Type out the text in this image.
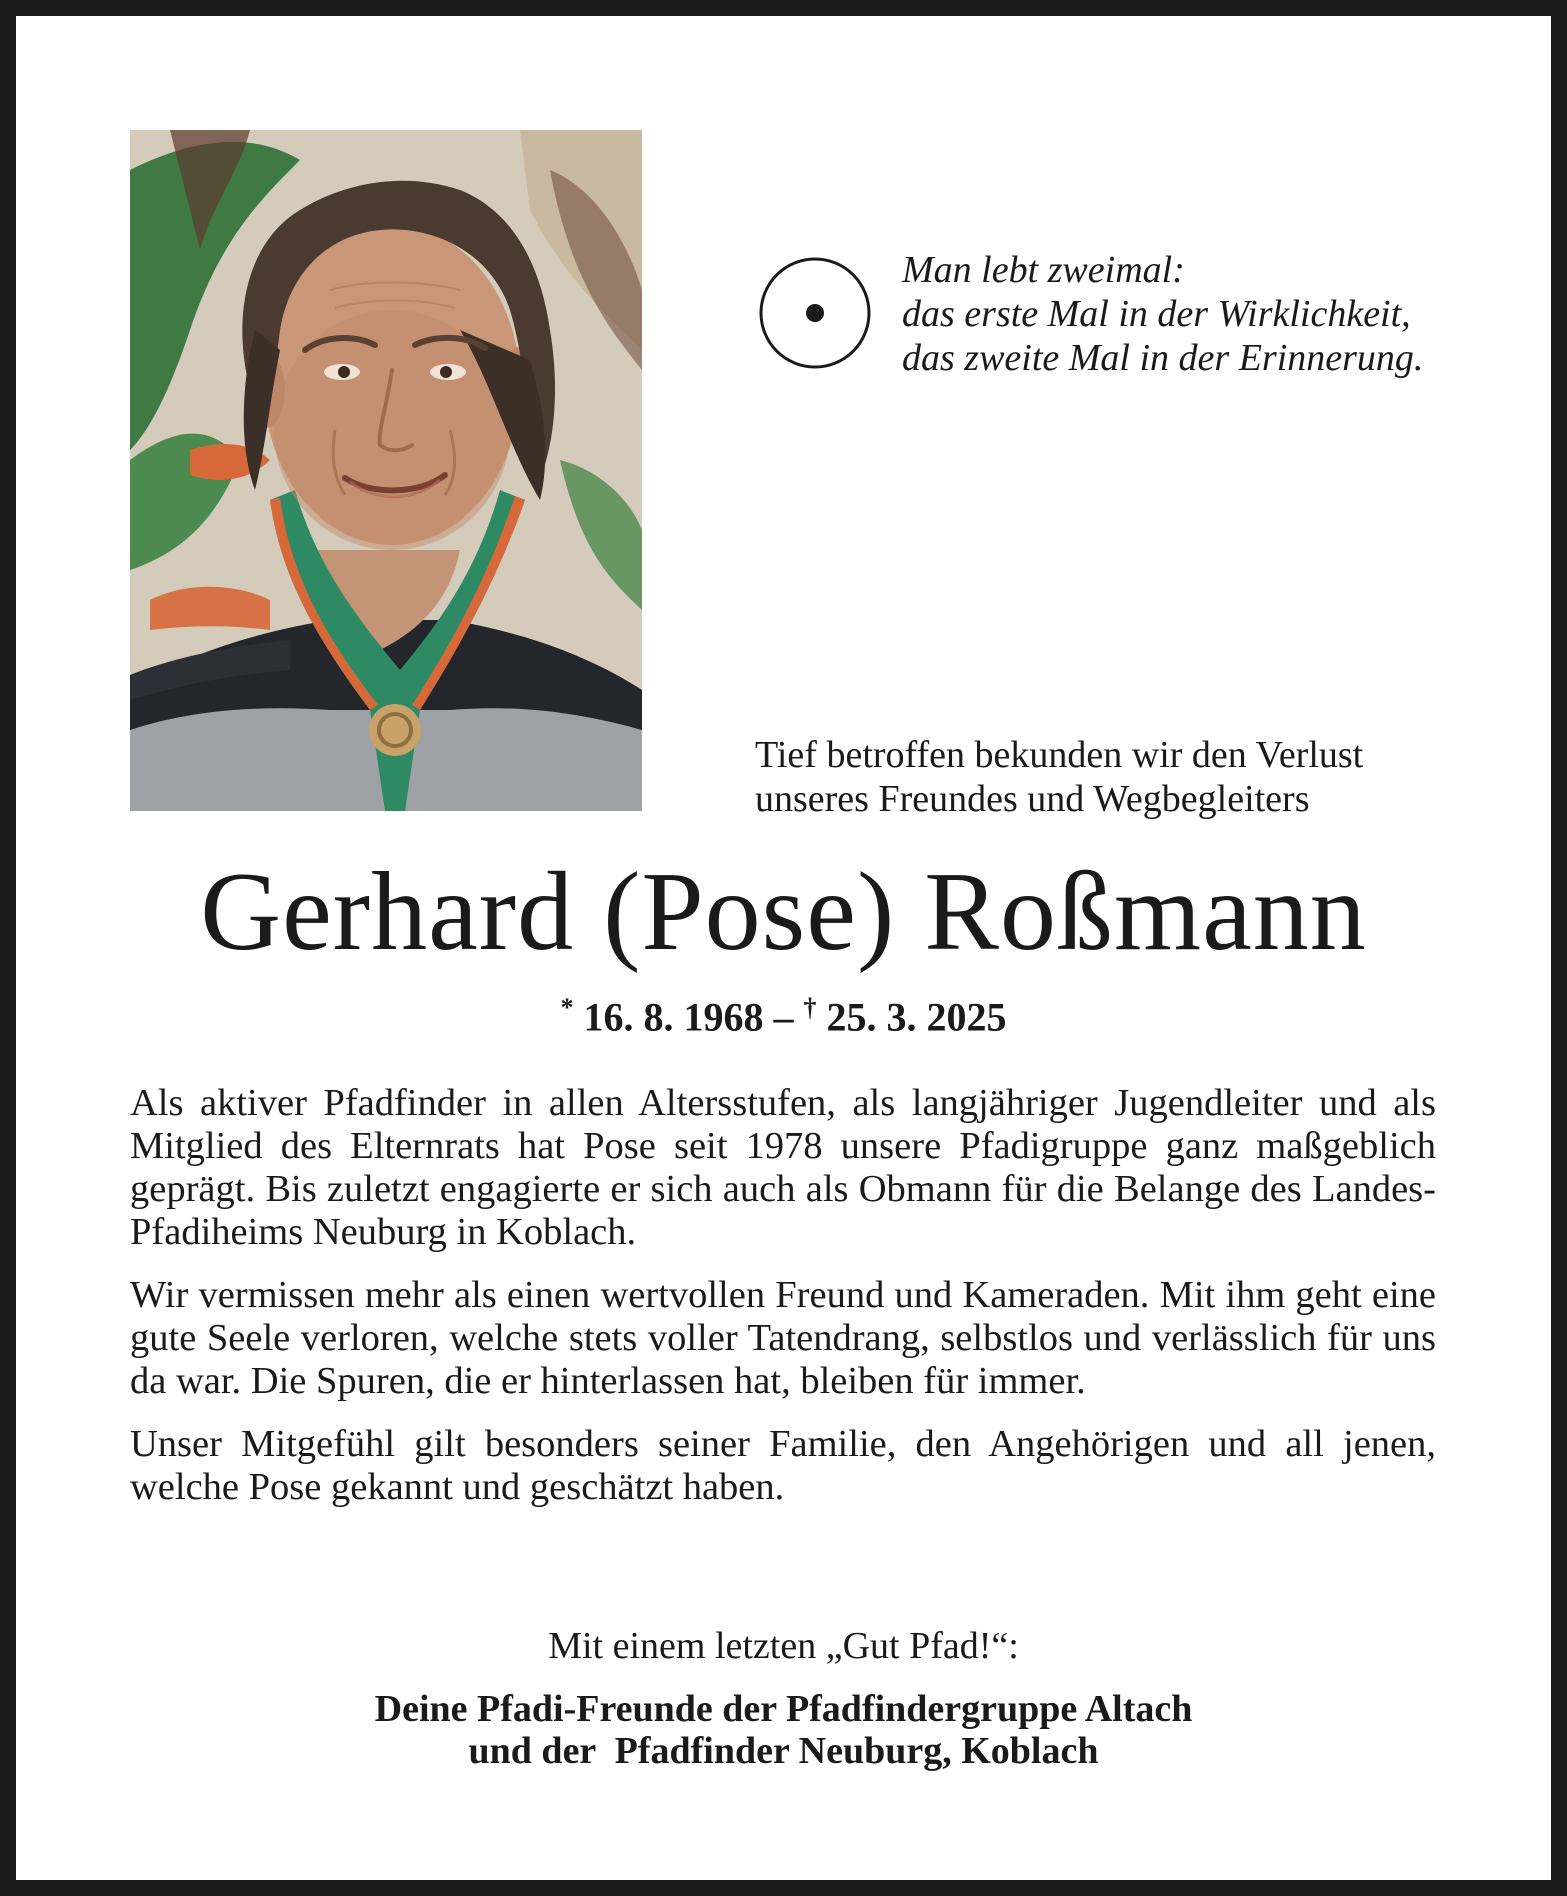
Man lebt zweimal:
das erste Mal in der Wirklichkeit,
das zweite Mal in der Erinnerung.
Tief betroffen bekunden wir den Verlust
unseres Freundes und Wegbegleiters
Gerhard (Pose) Roßmann
* 16. 8. 1968 – † 25. 3. 2025

Als aktiver Pfadfinder in allen Altersstufen, als langjähriger Jugendleiter und als Mitglied des Elternrats hat Pose seit 1978 unsere Pfadigruppe ganz maßgeblich geprägt. Bis zuletzt engagierte er sich auch als Obmann für die Belange des Landes-Pfadiheims Neuburg in Koblach.

Wir vermissen mehr als einen wertvollen Freund und Kameraden. Mit ihm geht eine gute Seele verloren, welche stets voller Tatendrang, selbstlos und verlässlich für uns da war. Die Spuren, die er hinterlassen hat, bleiben für immer.

Unser Mitgefühl gilt besonders seiner Familie, den Angehörigen und all jenen, welche Pose gekannt und geschätzt haben.

Mit einem letzten „Gut Pfad!“:
Deine Pfadi-Freunde der Pfadfindergruppe Altach
und der  Pfadfinder Neuburg, Koblach
